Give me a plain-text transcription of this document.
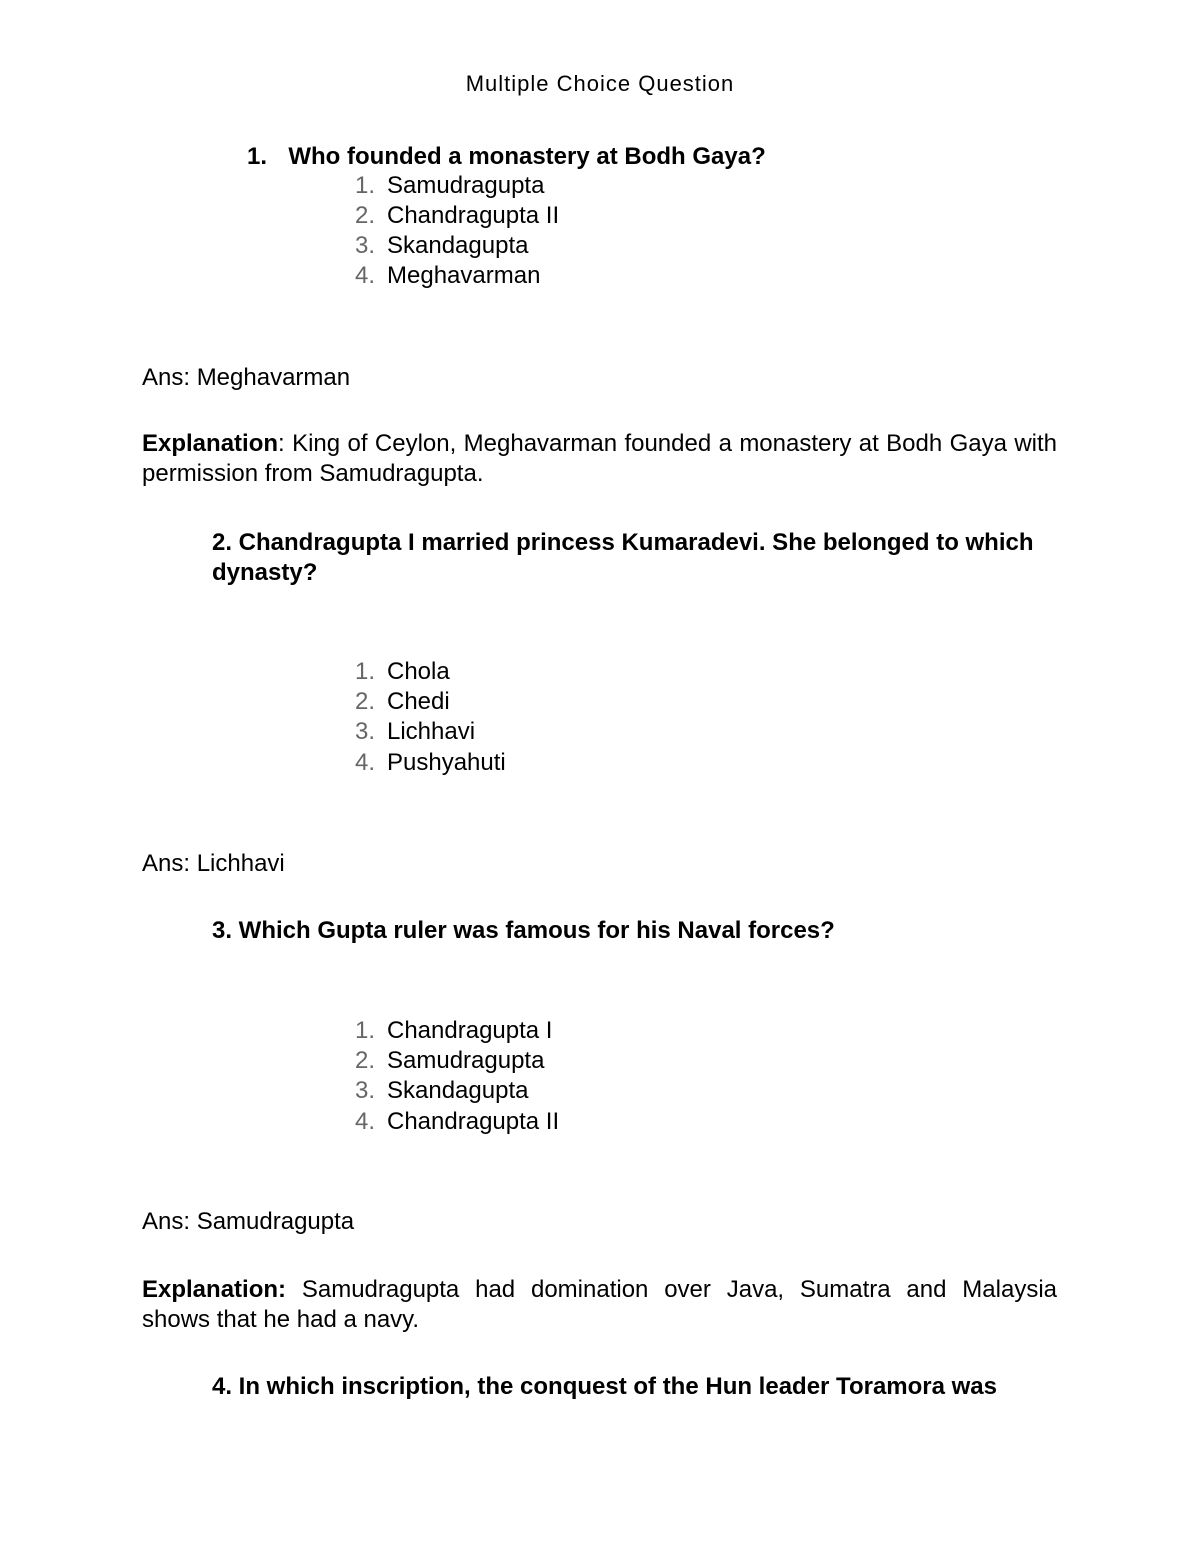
Multiple Choice Question
1. Who founded a monastery at Bodh Gaya?
1. Samudragupta
2. Chandragupta II
3. Skandagupta
4. Meghavarman
Ans: Meghavarman
Explanation: King of Ceylon, Meghavarman founded a monastery at Bodh Gaya with permission from Samudragupta.
2. Chandragupta I married princess Kumaradevi. She belonged to which
dynasty?
1. Chola
2. Chedi
3. Lichhavi
4. Pushyahuti
Ans: Lichhavi
3. Which Gupta ruler was famous for his Naval forces?
1. Chandragupta I
2. Samudragupta
3. Skandagupta
4. Chandragupta II
Ans: Samudragupta
Explanation: Samudragupta had domination over Java, Sumatra and Malaysia shows that he had a navy.
4. In which inscription, the conquest of the Hun leader Toramora was
